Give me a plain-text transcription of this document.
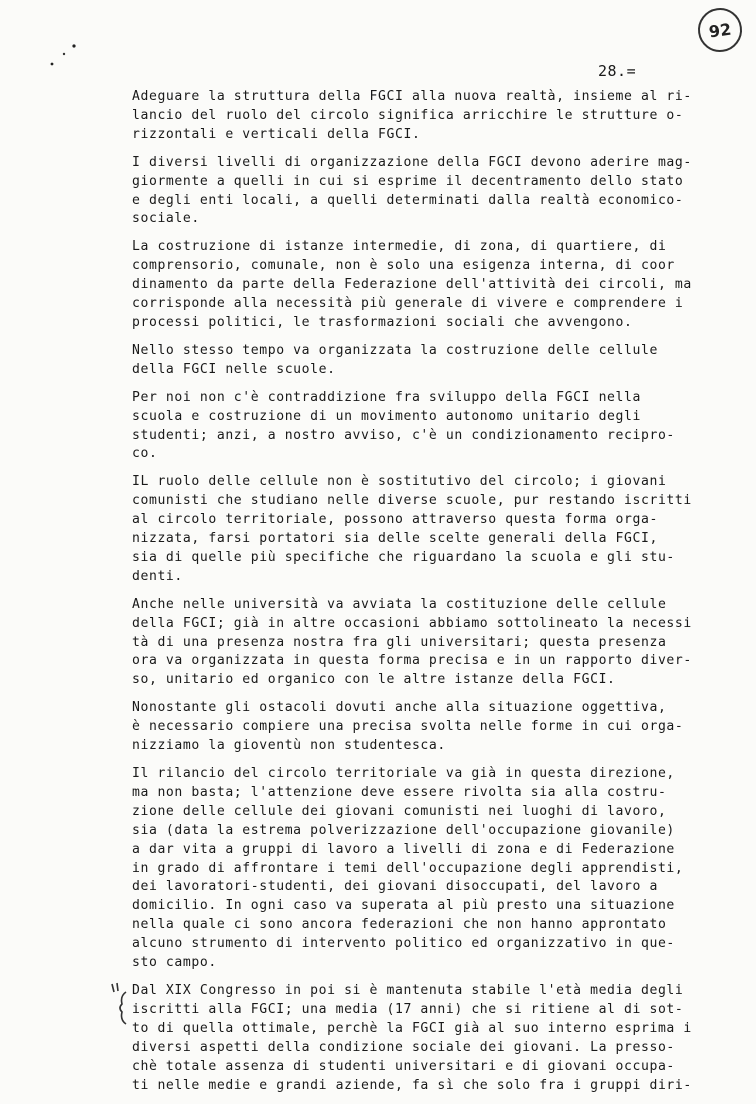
92
28.=
Adeguare la struttura della FGCI alla nuova realtà, insieme al ri-
lancio del ruolo del circolo significa arricchire le strutture o-
rizzontali e verticali della FGCI.
I diversi livelli di organizzazione della FGCI devono aderire mag-
giormente a quelli in cui si esprime il decentramento dello stato
e degli enti locali, a quelli determinati dalla realtà economico-
sociale.
La costruzione di istanze intermedie, di zona, di quartiere, di
comprensorio, comunale, non è solo una esigenza interna, di coor
dinamento da parte della Federazione dell'attività dei circoli, ma
corrisponde alla necessità più generale di vivere e comprendere i
processi politici, le trasformazioni sociali che avvengono.
Nello stesso tempo va organizzata la costruzione delle cellule
della FGCI nelle scuole.
Per noi non c'è contraddizione fra sviluppo della FGCI nella
scuola e costruzione di un movimento autonomo unitario degli
studenti; anzi, a nostro avviso, c'è un condizionamento recipro-
co.
IL ruolo delle cellule non è sostitutivo del circolo; i giovani
comunisti che studiano nelle diverse scuole, pur restando iscritti
al circolo territoriale, possono attraverso questa forma orga-
nizzata, farsi portatori sia delle scelte generali della FGCI,
sia di quelle più specifiche che riguardano la scuola e gli stu-
denti.
Anche nelle università va avviata la costituzione delle cellule
della FGCI; già in altre occasioni abbiamo sottolineato la necessi
tà di una presenza nostra fra gli universitari; questa presenza
ora va organizzata in questa forma precisa e in un rapporto diver-
so, unitario ed organico con le altre istanze della FGCI.
Nonostante gli ostacoli dovuti anche alla situazione oggettiva,
è necessario compiere una precisa svolta nelle forme in cui orga-
nizziamo la gioventù non studentesca.
Il rilancio del circolo territoriale va già in questa direzione,
ma non basta; l'attenzione deve essere rivolta sia alla costru-
zione delle cellule dei giovani comunisti nei luoghi di lavoro,
sia (data la estrema polverizzazione dell'occupazione giovanile)
a dar vita a gruppi di lavoro a livelli di zona e di Federazione
in grado di affrontare i temi dell'occupazione degli apprendisti,
dei lavoratori-studenti, dei giovani disoccupati, del lavoro a
domicilio. In ogni caso va superata al più presto una situazione
nella quale ci sono ancora federazioni che non hanno approntato
alcuno strumento di intervento politico ed organizzativo in que-
sto campo.
Dal XIX Congresso in poi si è mantenuta stabile l'età media degli
iscritti alla FGCI; una media (17 anni) che si ritiene al di sot-
to di quella ottimale, perchè la FGCI già al suo interno esprima i
diversi aspetti della condizione sociale dei giovani. La presso-
chè totale assenza di studenti universitari e di giovani occupa-
ti nelle medie e grandi aziende, fa sì che solo fra i gruppi diri-
